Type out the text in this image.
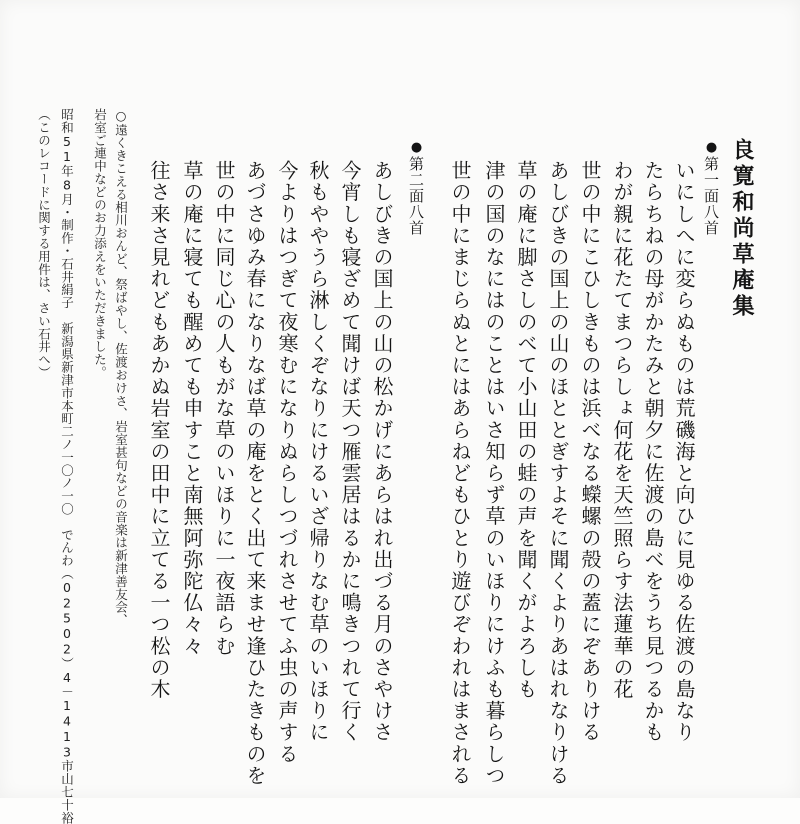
良寛和尚草庵集
●第一面八首

いにしへに変らぬものは荒磯海と向ひに見ゆる佐渡の島なり

たらちねの母がかたみと朝夕に佐渡の島べをうち見つるかも

わが親に花たてまつらしょ何花を天竺照らす法蓮華の花

世の中にこひしきものは浜べなる蠑螺の殻の蓋にぞありける

あしびきの国上の山のほととぎすよそに聞くよりあはれなりける

草の庵に脚さしのべて小山田の蛙の声を聞くがよろしも

津の国のなにはのことはいさ知らず草のいほりにけふも暮らしつ

世の中にまじらぬとにはあらねどもひとり遊びぞわれはまされる

●第二面八首

あしびきの国上の山の松かげにあらはれ出づる月のさやけさ

今宵しも寝ざめて聞けば天つ雁雲居はるかに鳴きつれて行く

秋もややうら淋しくぞなりにけるいざ帰りなむ草のいほりに

今よりはつぎて夜寒むになりぬらしつづれさせてふ虫の声する

あづさゆみ春になりなば草の庵をとく出て来ませ逢ひたきものを

世の中に同じ心の人もがな草のいほりに一夜語らむ

草の庵に寝ても醒めても申すこと南無阿弥陀仏々々

往さ来さ見れどもあかぬ岩室の田中に立てる一つ松の木

○遠くきこえる相川おんど、祭ばやし、佐渡おけさ、岩室甚句などの音楽は新津善友会、

岩室ご連中などのお力添えをいただきました。

昭和51年8月・制作・石井絹子　新潟県新津市本町二ノ一〇ノ一〇　でんわ（02502）4－1413市山七十裕

（このレコードに関する用件は、さい石井へ）
